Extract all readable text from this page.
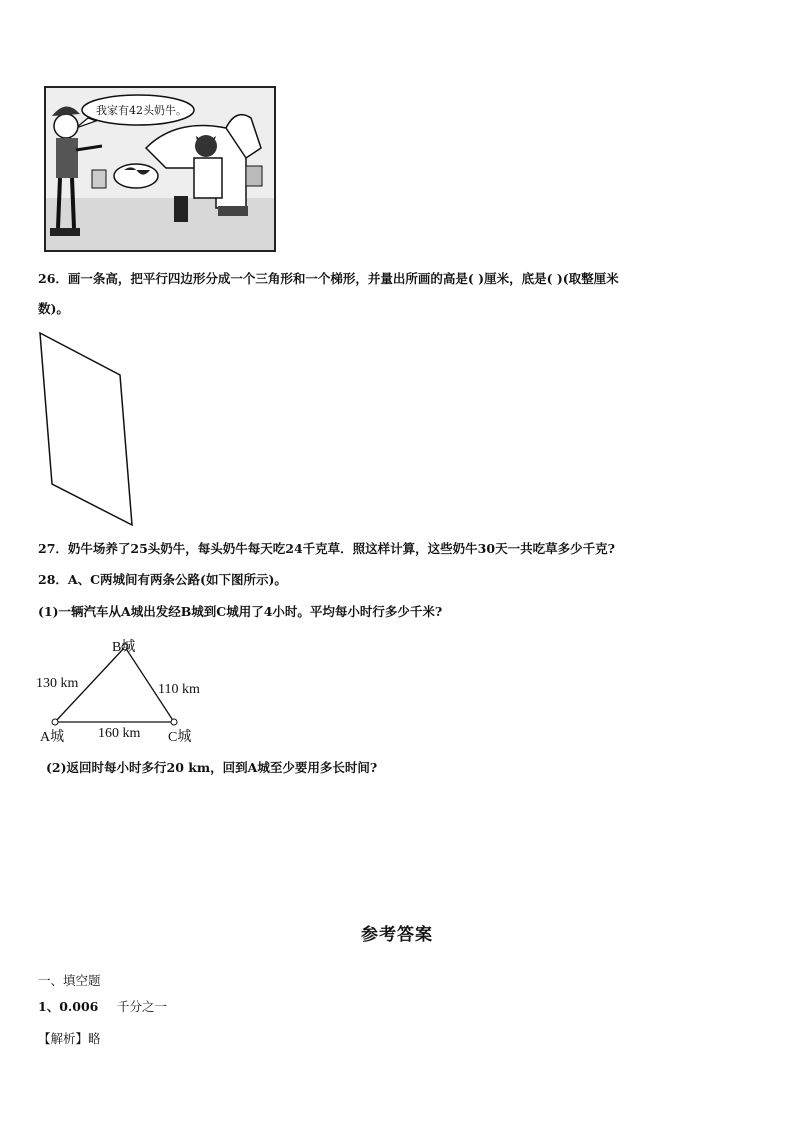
我家有42头奶牛。
26．画一条高，把平行四边形分成一个三角形和一个梯形，并量出所画的高是( )厘米，底是( )(取整厘米
数)。
27．奶牛场养了25头奶牛，每头奶牛每天吃24千克草．照这样计算，这些奶牛30天一共吃草多少千克?
28．A、C两城间有两条公路(如下图所示)。
(1)一辆汽车从A城出发经B城到C城用了4小时。平均每小时行多少千米?
B城
130 km	110 km
A城 160 km C城
(2)返回时每小时多行20 km，回到A城至少要用多长时间?
参考答案
一、填空题
1、0.006 千分之一
【解析】略
